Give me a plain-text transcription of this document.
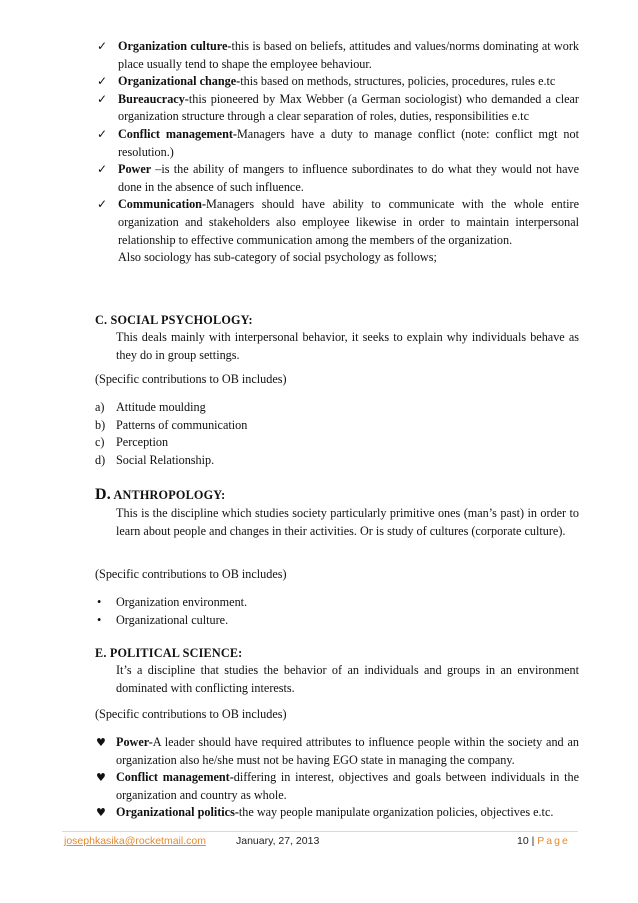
✓ Organization culture-this is based on beliefs, attitudes and values/norms dominating at work place usually tend to shape the employee behaviour.
✓ Organizational change-this based on methods, structures, policies, procedures, rules e.tc
✓ Bureaucracy-this pioneered by Max Webber (a German sociologist) who demanded a clear organization structure through a clear separation of roles, duties, responsibilities e.tc
✓ Conflict management-Managers have a duty to manage conflict (note: conflict mgt not resolution.)
✓ Power –is the ability of mangers to influence subordinates to do what they would not have done in the absence of such influence.
✓ Communication-Managers should have ability to communicate with the whole entire organization and stakeholders also employee likewise in order to maintain interpersonal relationship to effective communication among the members of the organization.
Also sociology has sub-category of social psychology as follows;
C. SOCIAL PSYCHOLOGY:
This deals mainly with interpersonal behavior, it seeks to explain why individuals behave as they do in group settings.
(Specific contributions to OB includes)
a) Attitude moulding
b) Patterns of communication
c) Perception
d) Social Relationship.
D. ANTHROPOLOGY:
This is the discipline which studies society particularly primitive ones (man’s past) in order to learn about people and changes in their activities. Or is study of cultures (corporate culture).
(Specific contributions to OB includes)
• Organization environment.
• Organizational culture.
E. POLITICAL SCIENCE:
It’s a discipline that studies the behavior of an individuals and groups in an environment dominated with conflicting interests.
(Specific contributions to OB includes)
♥ Power-A leader should have required attributes to influence people within the society and an organization also he/she must not be having EGO state in managing the company.
♥ Conflict management-differing in interest, objectives and goals between individuals in the organization and country as whole.
♥ Organizational politics-the way people manipulate organization policies, objectives e.tc.
josephkasika@rocketmail.com	January, 27, 2013	10 | Page
